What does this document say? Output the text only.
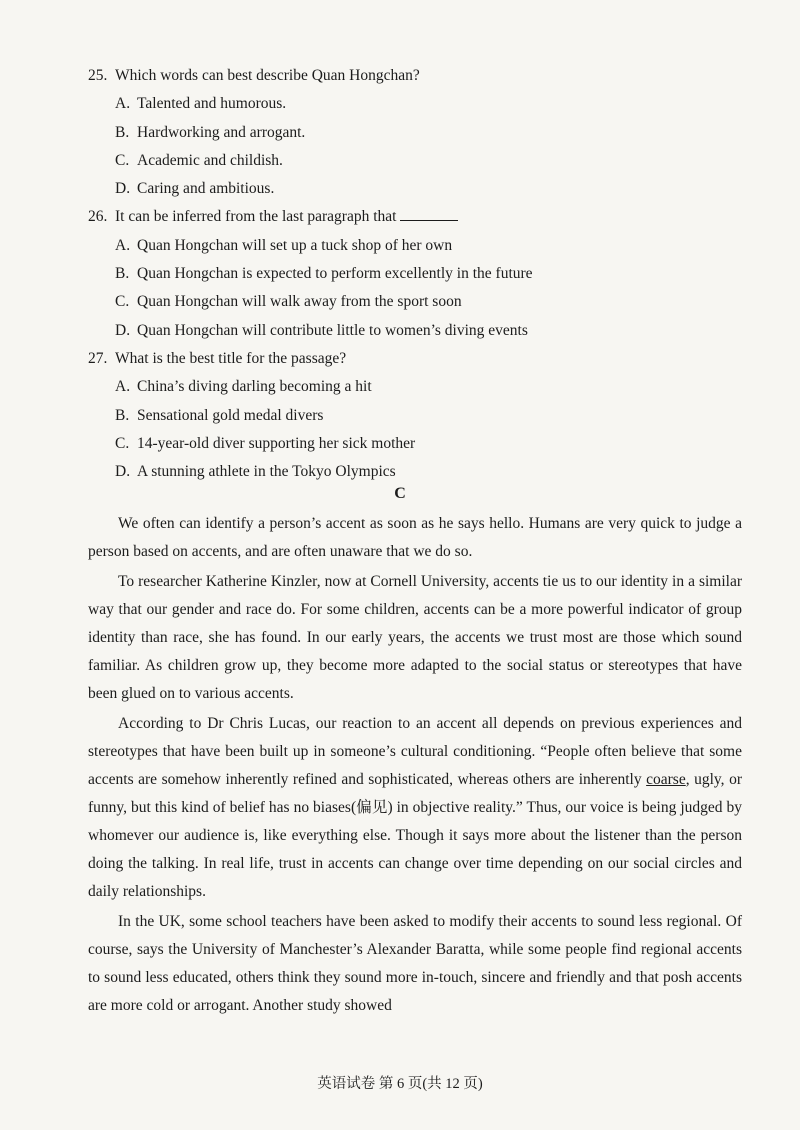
25. Which words can best describe Quan Hongchan?
A. Talented and humorous.
B. Hardworking and arrogant.
C. Academic and childish.
D. Caring and ambitious.
26. It can be inferred from the last paragraph that
A. Quan Hongchan will set up a tuck shop of her own
B. Quan Hongchan is expected to perform excellently in the future
C. Quan Hongchan will walk away from the sport soon
D. Quan Hongchan will contribute little to women’s diving events
27. What is the best title for the passage?
A. China’s diving darling becoming a hit
B. Sensational gold medal divers
C. 14-year-old diver supporting her sick mother
D. A stunning athlete in the Tokyo Olympics
C

We often can identify a person’s accent as soon as he says hello. Humans are very quick to judge a person based on accents, and are often unaware that we do so.

To researcher Katherine Kinzler, now at Cornell University, accents tie us to our identity in a similar way that our gender and race do. For some children, accents can be a more powerful indicator of group identity than race, she has found. In our early years, the accents we trust most are those which sound familiar. As children grow up, they become more adapted to the social status or stereotypes that have been glued on to various accents.

According to Dr Chris Lucas, our reaction to an accent all depends on previous experiences and stereotypes that have been built up in someone’s cultural conditioning. “People often believe that some accents are somehow inherently refined and sophisticated, whereas others are inherently coarse, ugly, or funny, but this kind of belief has no biases(偏见) in objective reality.” Thus, our voice is being judged by whomever our audience is, like everything else. Though it says more about the listener than the person doing the talking. In real life, trust in accents can change over time depending on our social circles and daily relationships.

In the UK, some school teachers have been asked to modify their accents to sound less regional. Of course, says the University of Manchester’s Alexander Baratta, while some people find regional accents to sound less educated, others think they sound more in-touch, sincere and friendly and that posh accents are more cold or arrogant. Another study showed

英语试卷 第 6 页(共 12 页)
